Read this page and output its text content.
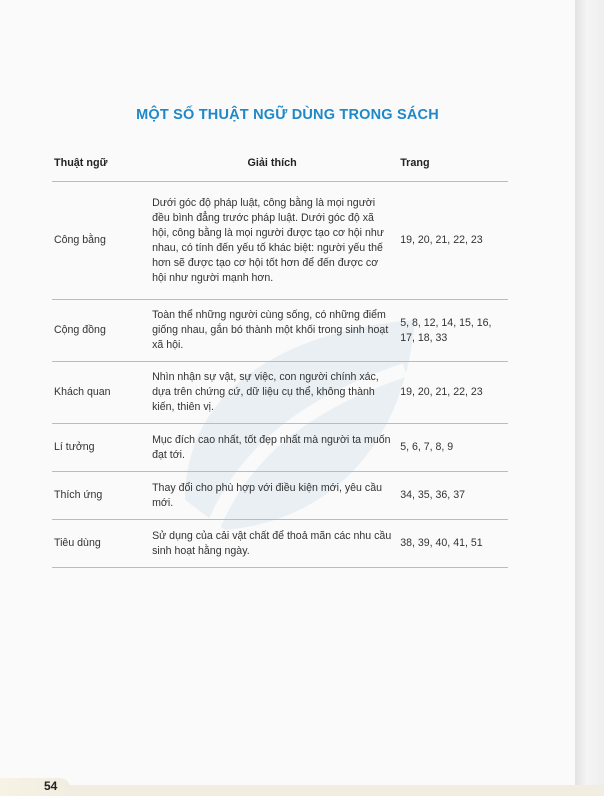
MỘT SỐ THUẬT NGỮ DÙNG TRONG SÁCH
Thuật ngữ	Giải thích	Trang
Công bằng	Dưới góc độ pháp luật, công bằng là mọi người đều bình đẳng trước pháp luật. Dưới góc độ xã hội, công bằng là mọi người được tạo cơ hội như nhau, có tính đến yếu tố khác biệt: người yếu thế hơn sẽ được tạo cơ hội tốt hơn để đến được cơ hội như người mạnh hơn.	19, 20, 21, 22, 23
Cộng đồng	Toàn thể những người cùng sống, có những điểm giống nhau, gắn bó thành một khối trong sinh hoạt xã hội.	5, 8, 12, 14, 15, 16, 17, 18, 33
Khách quan	Nhìn nhận sự vật, sự việc, con người chính xác, dựa trên chứng cứ, dữ liệu cụ thể, không thành kiến, thiên vị.	19, 20, 21, 22, 23
Lí tưởng	Mục đích cao nhất, tốt đẹp nhất mà người ta muốn đạt tới.	5, 6, 7, 8, 9
Thích ứng	Thay đổi cho phù hợp với điều kiện mới, yêu cầu mới.	34, 35, 36, 37
Tiêu dùng	Sử dụng của cải vật chất để thoả mãn các nhu cầu sinh hoạt hằng ngày.	38, 39, 40, 41, 51
54
